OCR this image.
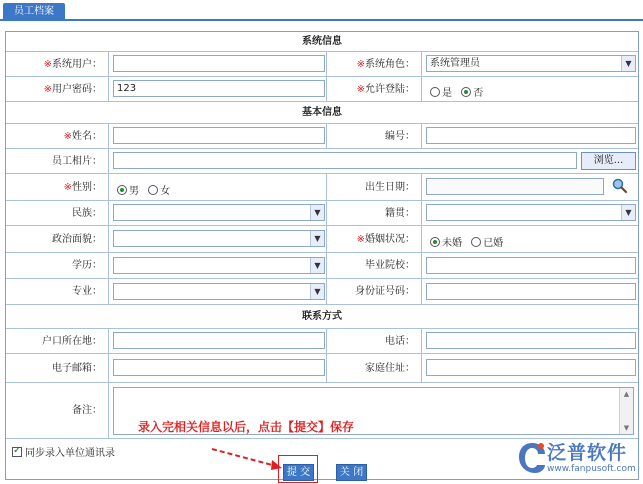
员工档案
系统信息
※系统用户：	※系统角色：	系统管理员	▼
※用户密码：	123	※允许登陆：	是 否
基本信息
※姓名：	编号：
员工相片：	浏览...
※性别：	男 女	出生日期：
民族：	▼	籍贯：	▼
政治面貌：	▼	※婚姻状况：	未婚 已婚
学历：	▼	毕业院校：
专业：	▼	身份证号码：
联系方式
户口所在地：	电话：
电子邮箱：	家庭住址：
备注：
▲
▼
✓同步录入单位通讯录
提 交	关 闭
录入完相关信息以后，点击【提交】保存
泛普软件
www.fanpusoft.com
